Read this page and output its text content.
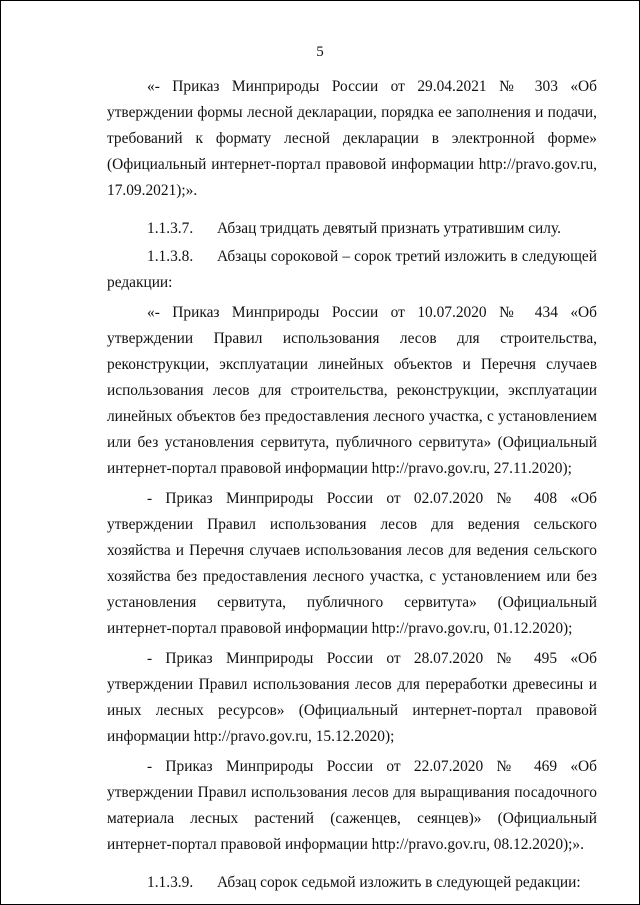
5

«- Приказ Минприроды России от 29.04.2021 № 303 «Об утверждении формы лесной декларации, порядка ее заполнения и подачи, требований к формату лесной декларации в электронной форме» (Официальный интернет-портал правовой информации http://pravo.gov.ru, 17.09.2021);».

1.1.3.7.	Абзац тридцать девятый признать утратившим силу.
1.1.3.8.	Абзацы сороковой – сорок третий изложить в следующей

редакции:

«- Приказ Минприроды России от 10.07.2020 № 434 «Об утверждении Правил использования лесов для строительства, реконструкции, эксплуатации линейных объектов и Перечня случаев использования лесов для строительства, реконструкции, эксплуатации линейных объектов без предоставления лесного участка, с установлением или без установления сервитута, публичного сервитута» (Официальный интернет-портал правовой информации http://pravo.gov.ru, 27.11.2020);

- Приказ Минприроды России от 02.07.2020 № 408 «Об утверждении Правил использования лесов для ведения сельского хозяйства и Перечня случаев использования лесов для ведения сельского хозяйства без предоставления лесного участка, с установлением или без установления сервитута, публичного сервитута» (Официальный интернет-портал правовой информации http://pravo.gov.ru, 01.12.2020);

- Приказ Минприроды России от 28.07.2020 № 495 «Об утверждении Правил использования лесов для переработки древесины и иных лесных ресурсов» (Официальный интернет-портал правовой информации http://pravo.gov.ru, 15.12.2020);

- Приказ Минприроды России от 22.07.2020 № 469 «Об утверждении Правил использования лесов для выращивания посадочного материала лесных растений (саженцев, сеянцев)» (Официальный интернет-портал правовой информации http://pravo.gov.ru, 08.12.2020);».

1.1.3.9.	Абзац сорок седьмой изложить в следующей редакции:
